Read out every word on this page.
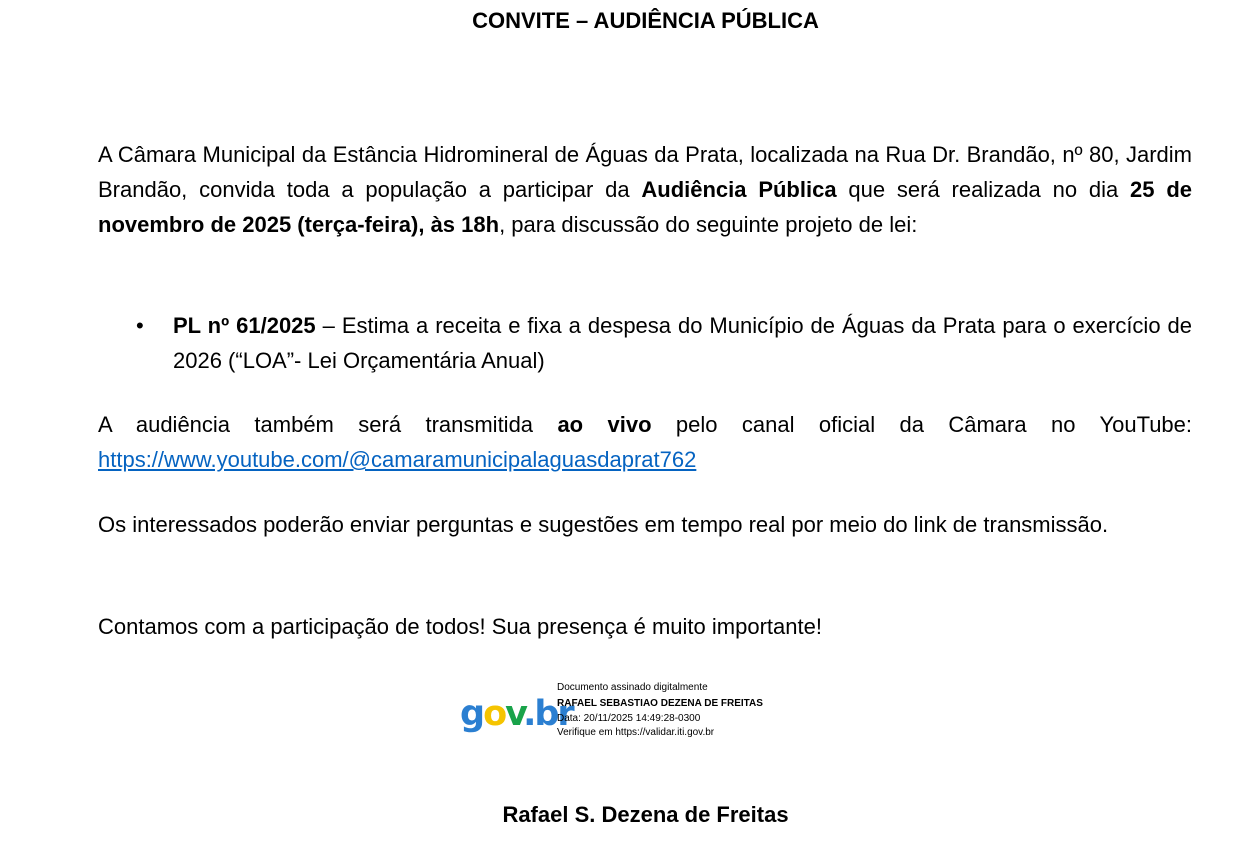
CONVITE – AUDIÊNCIA PÚBLICA
A Câmara Municipal da Estância Hidromineral de Águas da Prata, localizada na Rua Dr. Brandão, nº 80, Jardim Brandão, convida toda a população a participar da Audiência Pública que será realizada no dia 25 de novembro de 2025 (terça-feira), às 18h, para discussão do seguinte projeto de lei:
• PL nº 61/2025 – Estima a receita e fixa a despesa do Município de Águas da Prata para o exercício de 2026 (“LOA”- Lei Orçamentária Anual)
A audiência também será transmitida ao vivo pelo canal oficial da Câmara no YouTube: https://www.youtube.com/@camaramunicipalaguasdaprat762
Os interessados poderão enviar perguntas e sugestões em tempo real por meio do link de transmissão.
Contamos com a participação de todos! Sua presença é muito importante!
gov.br
Documento assinado digitalmente
RAFAEL SEBASTIAO DEZENA DE FREITAS
Data: 20/11/2025 14:49:28-0300
Verifique em https://validar.iti.gov.br
Rafael S. Dezena de Freitas
